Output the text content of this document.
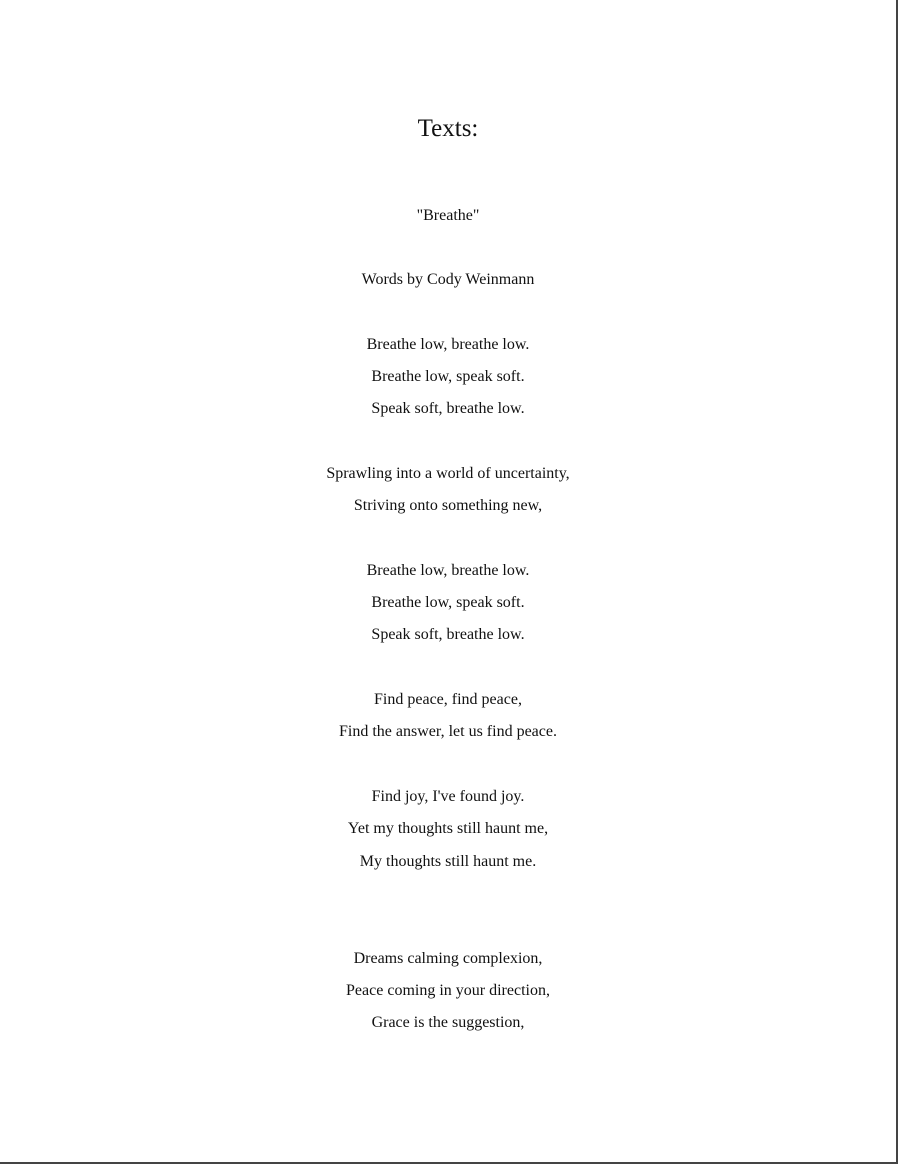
Texts:
"Breathe"
Words by Cody Weinmann
Breathe low, breathe low.
Breathe low, speak soft.
Speak soft, breathe low.
Sprawling into a world of uncertainty,
Striving onto something new,
Breathe low, breathe low.
Breathe low, speak soft.
Speak soft, breathe low.
Find peace, find peace,
Find the answer, let us find peace.
Find joy, I've found joy.
Yet my thoughts still haunt me,
My thoughts still haunt me.
Dreams calming complexion,
Peace coming in your direction,
Grace is the suggestion,
